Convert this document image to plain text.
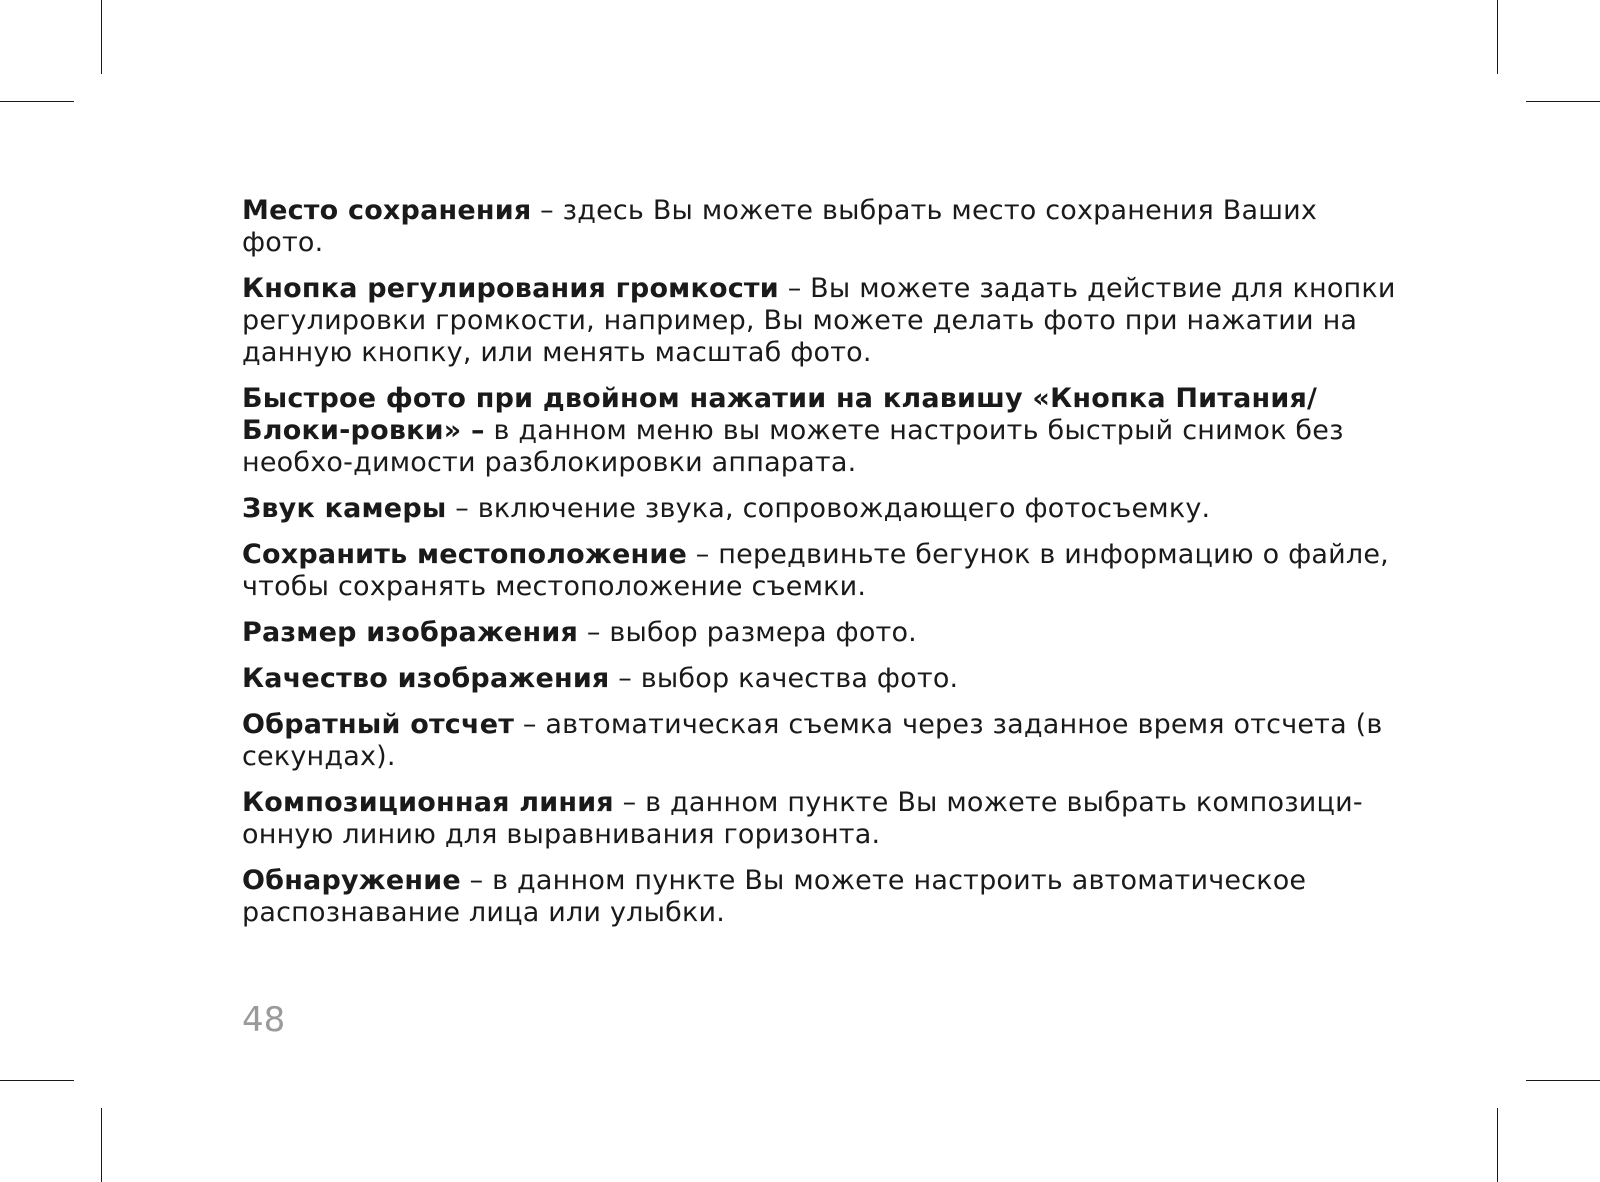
Место сохранения – здесь Вы можете выбрать место сохранения Ваших фото.

Кнопка регулирования громкости – Вы можете задать действие для кнопки регулировки громкости, например, Вы можете делать фото при нажатии на данную кнопку, или менять масштаб фото.

Быстрое фото при двойном нажатии на клавишу «Кнопка Питания/Блоки-ровки» – в данном меню вы можете настроить быстрый снимок без необхо-димости разблокировки аппарата.

Звук камеры – включение звука, сопровождающего фотосъемку.

Сохранить местоположение – передвиньте бегунок в информацию о файле, чтобы сохранять местоположение съемки.

Размер изображения – выбор размера фото.

Качество изображения – выбор качества фото.

Обратный отсчет – автоматическая съемка через заданное время отсчета (в секундах).

Композиционная линия – в данном пункте Вы можете выбрать композици-онную линию для выравнивания горизонта.

Обнаружение – в данном пункте Вы можете настроить автоматическое распознавание лица или улыбки.

48
